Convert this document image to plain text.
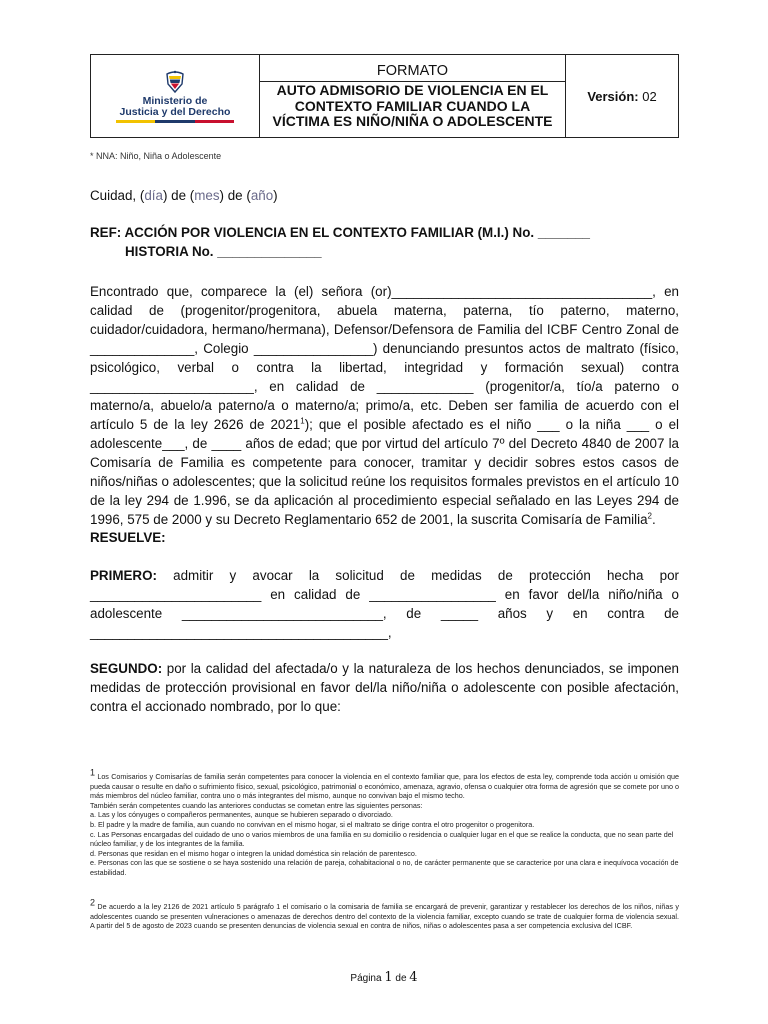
Ministerio de
Justicia y del Derecho

FORMATO
AUTO ADMISORIO DE VIOLENCIA EN EL CONTEXTO FAMILIAR CUANDO LA VÍCTIMA ES NIÑO/NIÑA O ADOLESCENTE
	Versión: 02
* NNA: Niño, Niña o Adolescente
Cuidad, (día) de (mes) de (año)
REF: ACCIÓN POR VIOLENCIA EN EL CONTEXTO FAMILIAR (M.I.) No. _______
HISTORIA No. ______________
Encontrado que, comparece la (el) señora (or)___________________________________, en calidad de (progenitor/progenitora, abuela materna, paterna, tío paterno, materno, cuidador/cuidadora, hermano/hermana), Defensor/Defensora de Familia del ICBF Centro Zonal de ______________, Colegio ________________) denunciando presuntos actos de maltrato (físico, psicológico, verbal o contra la libertad, integridad y formación sexual) contra ______________________, en calidad de _____________ (progenitor/a, tío/a paterno o materno/a, abuelo/a paterno/a o materno/a; primo/a, etc. Deben ser familia de acuerdo con el artículo 5 de la ley 2626 de 2021$^1$); que el posible afectado es el niño ___ o la niña ___ o el adolescente___, de ____ años de edad; que por virtud del artículo 7º del Decreto 4840 de 2007 la Comisaría de Familia es competente para conocer, tramitar y decidir sobres estos casos de niños/niñas o adolescentes; que la solicitud reúne los requisitos formales previstos en el artículo 10 de la ley 294 de 1.996, se da aplicación al procedimiento especial señalado en las Leyes 294 de 1996, 575 de 2000 y su Decreto Reglamentario 652 de 2001, la suscrita Comisaría de Familia$^2$.
RESUELVE:
PRIMERO: admitir y avocar la solicitud de medidas de protección hecha por _______________________ en calidad de _________________ en favor del/la niño/niña o adolescente ___________________________, de _____ años y en contra de ________________________________________,
SEGUNDO: por la calidad del afectada/o y la naturaleza de los hechos denunciados, se imponen medidas de protección provisional en favor del/la niño/niña o adolescente con posible afectación, contra el accionado nombrado, por lo que:
$^1$ Los Comisarios y Comisarías de familia serán competentes para conocer la violencia en el contexto familiar que, para los efectos de esta ley, comprende toda acción u omisión que pueda causar o resulte en daño o sufrimiento físico, sexual, psicológico, patrimonial o económico, amenaza, agravio, ofensa o cualquier otra forma de agresión que se comete por uno o más miembros del núcleo familiar, contra uno o más integrantes del mismo, aunque no convivan bajo el mismo techo.
También serán competentes cuando las anteriores conductas se cometan entre las siguientes personas:
a. Las y los cónyuges o compañeros permanentes, aunque se hubieren separado o divorciado.
b. El padre y la madre de familia, aun cuando no convivan en el mismo hogar, si el maltrato se dirige contra el otro progenitor o progenitora.
c. Las Personas encargadas del cuidado de uno o varios miembros de una familia en su domicilio o residencia o cualquier lugar en el que se realice la conducta, que no sean parte del núcleo familiar, y de los integrantes de la familia.
d. Personas que residan en el mismo hogar o integren la unidad doméstica sin relación de parentesco.
e. Personas con las que se sostiene o se haya sostenido una relación de pareja, cohabitacional o no, de carácter permanente que se caracterice por una clara e inequívoca vocación de estabilidad.
$^2$ De acuerdo a la ley 2126 de 2021 artículo 5 parágrafo 1 el comisario o la comisaria de familia se encargará de prevenir, garantizar y restablecer los derechos de los niños, niñas y adolescentes cuando se presenten vulneraciones o amenazas de derechos dentro del contexto de la violencia familiar, excepto cuando se trate de cualquier forma de violencia sexual. A partir del 5 de agosto de 2023 cuando se presenten denuncias de violencia sexual en contra de niños, niñas o adolescentes pasa a ser competencia exclusiva del ICBF.
Página 1 de 4
